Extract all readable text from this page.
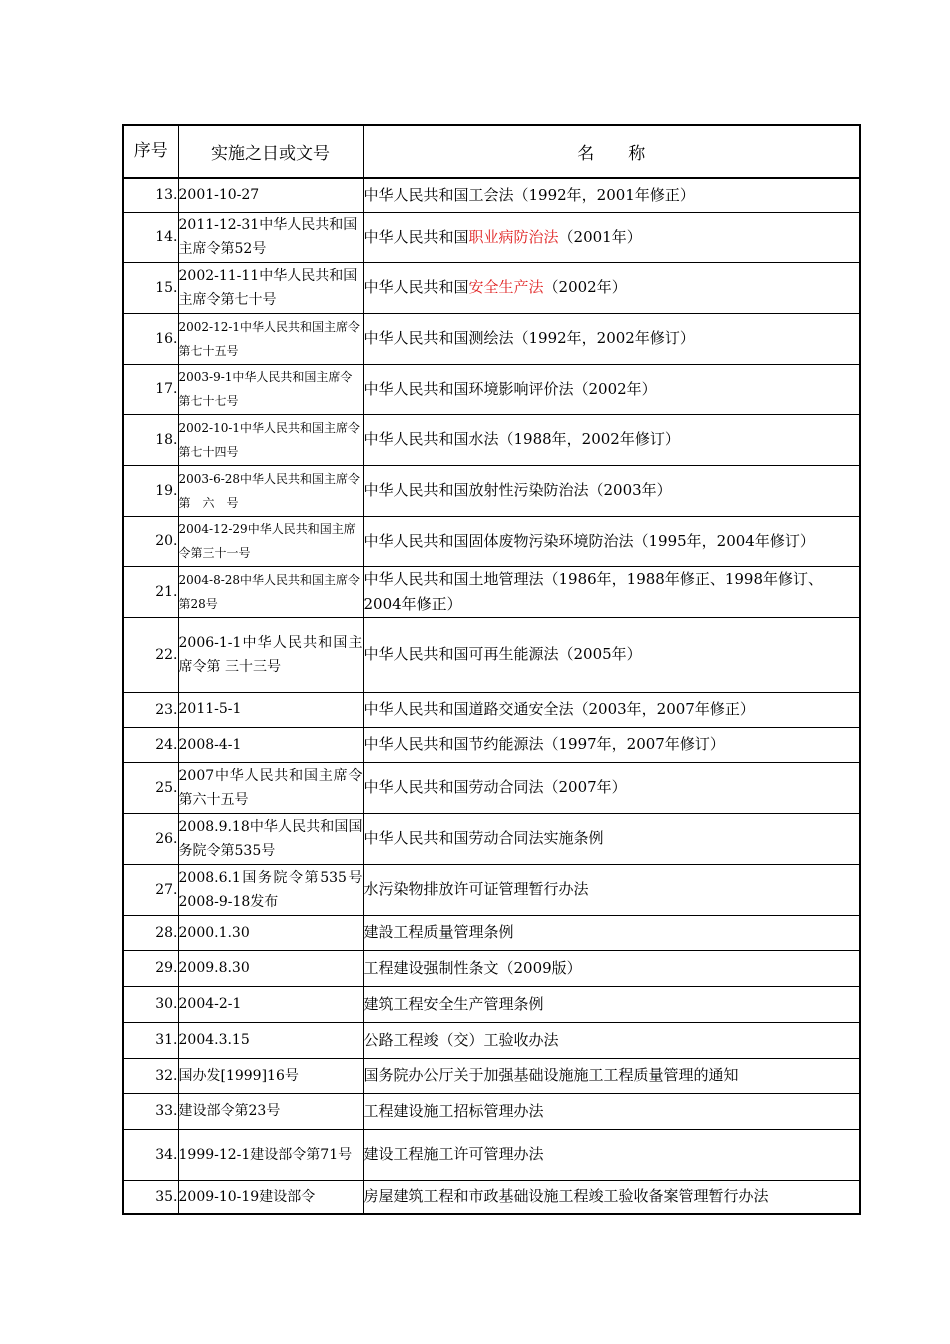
序号	实施之日或文号	名 称
13.	2001-10-27	中华人民共和国工会法（1992年，2001年修正）
14.	2011-12-31中华人民共和国主席令第52号	中华人民共和国职业病防治法（2001年）
15.	2002-11-11中华人民共和国主席令第七十号	中华人民共和国安全生产法（2002年）
16.	2002-12-1中华人民共和国主席令第七十五号	中华人民共和国测绘法（1992年，2002年修订）
17.	2003-9-1中华人民共和国主席令第七十七号	中华人民共和国环境影响评价法（2002年）
18.	2002-10-1中华人民共和国主席令第七十四号	中华人民共和国水法（1988年，2002年修订）
19.	2003-6-28中华人民共和国主席令　第　六　号	中华人民共和国放射性污染防治法（2003年）
20.	2004-12-29中华人民共和国主席令第三十一号	中华人民共和国固体废物污染环境防治法（1995年，2004年修订）
21.	2004-8-28中华人民共和国主席令第28号	中华人民共和国土地管理法（1986年，1988年修正、1998年修订、2004年修正）
22.	2006-1-1中华人民共和国主席令第 三十三号	中华人民共和国可再生能源法（2005年）
23.	2011-5-1	中华人民共和国道路交通安全法（2003年，2007年修正）
24.	2008-4-1	中华人民共和国节约能源法（1997年，2007年修订）
25.	2007中华人民共和国主席令第六十五号	中华人民共和国劳动合同法（2007年）
26.	2008.9.18中华人民共和国国务院令第535号	中华人民共和国劳动合同法实施条例
27.	2008.6.1国务院令第535号2008-9-18发布	水污染物排放许可证管理暂行办法
28.	2000.1.30	建設工程质量管理条例
29.	2009.8.30	工程建设强制性条文（2009版）
30.	2004-2-1	建筑工程安全生产管理条例
31.	2004.3.15	公路工程竣（交）工验收办法
32.	国办发[1999]16号	国务院办公厅关于加强基础设施施工工程质量管理的通知
33.	建设部令第23号	工程建设施工招标管理办法
34.	1999-12-1建设部令第71号	建设工程施工许可管理办法
35.	2009-10-19建设部令	房屋建筑工程和市政基础设施工程竣工验收备案管理暂行办法
